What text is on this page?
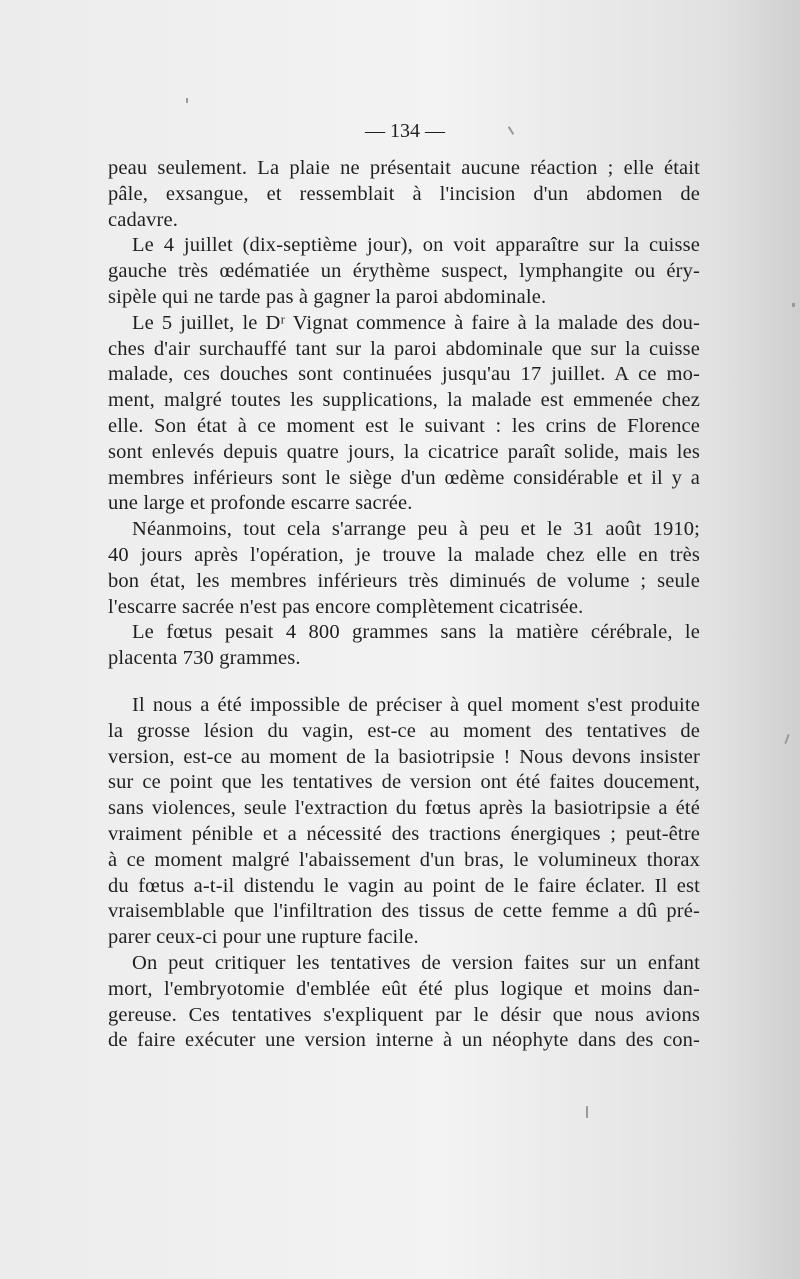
— 134 —
peau seulement. La plaie ne présentait aucune réaction ; elle était
pâle, exsangue, et ressemblait à l'incision d'un abdomen de
cadavre.
Le 4 juillet (dix-septième jour), on voit apparaître sur la cuisse
gauche très œdématiée un érythème suspect, lymphangite ou éry-
sipèle qui ne tarde pas à gagner la paroi abdominale.
Le 5 juillet, le Dʳ Vignat commence à faire à la malade des dou-
ches d'air surchauffé tant sur la paroi abdominale que sur la cuisse
malade, ces douches sont continuées jusqu'au 17 juillet. A ce mo-
ment, malgré toutes les supplications, la malade est emmenée chez
elle. Son état à ce moment est le suivant : les crins de Florence
sont enlevés depuis quatre jours, la cicatrice paraît solide, mais les
membres inférieurs sont le siège d'un œdème considérable et il y a
une large et profonde escarre sacrée.
Néanmoins, tout cela s'arrange peu à peu et le 31 août 1910;
40 jours après l'opération, je trouve la malade chez elle en très
bon état, les membres inférieurs très diminués de volume ; seule
l'escarre sacrée n'est pas encore complètement cicatrisée.
Le fœtus pesait 4 800 grammes sans la matière cérébrale, le
placenta 730 grammes.
Il nous a été impossible de préciser à quel moment s'est produite
la grosse lésion du vagin, est-ce au moment des tentatives de
version, est-ce au moment de la basiotripsie ! Nous devons insister
sur ce point que les tentatives de version ont été faites doucement,
sans violences, seule l'extraction du fœtus après la basiotripsie a été
vraiment pénible et a nécessité des tractions énergiques ; peut-être
à ce moment malgré l'abaissement d'un bras, le volumineux thorax
du fœtus a-t-il distendu le vagin au point de le faire éclater. Il est
vraisemblable que l'infiltration des tissus de cette femme a dû pré-
parer ceux-ci pour une rupture facile.
On peut critiquer les tentatives de version faites sur un enfant
mort, l'embryotomie d'emblée eût été plus logique et moins dan-
gereuse. Ces tentatives s'expliquent par le désir que nous avions
de faire exécuter une version interne à un néophyte dans des con-
